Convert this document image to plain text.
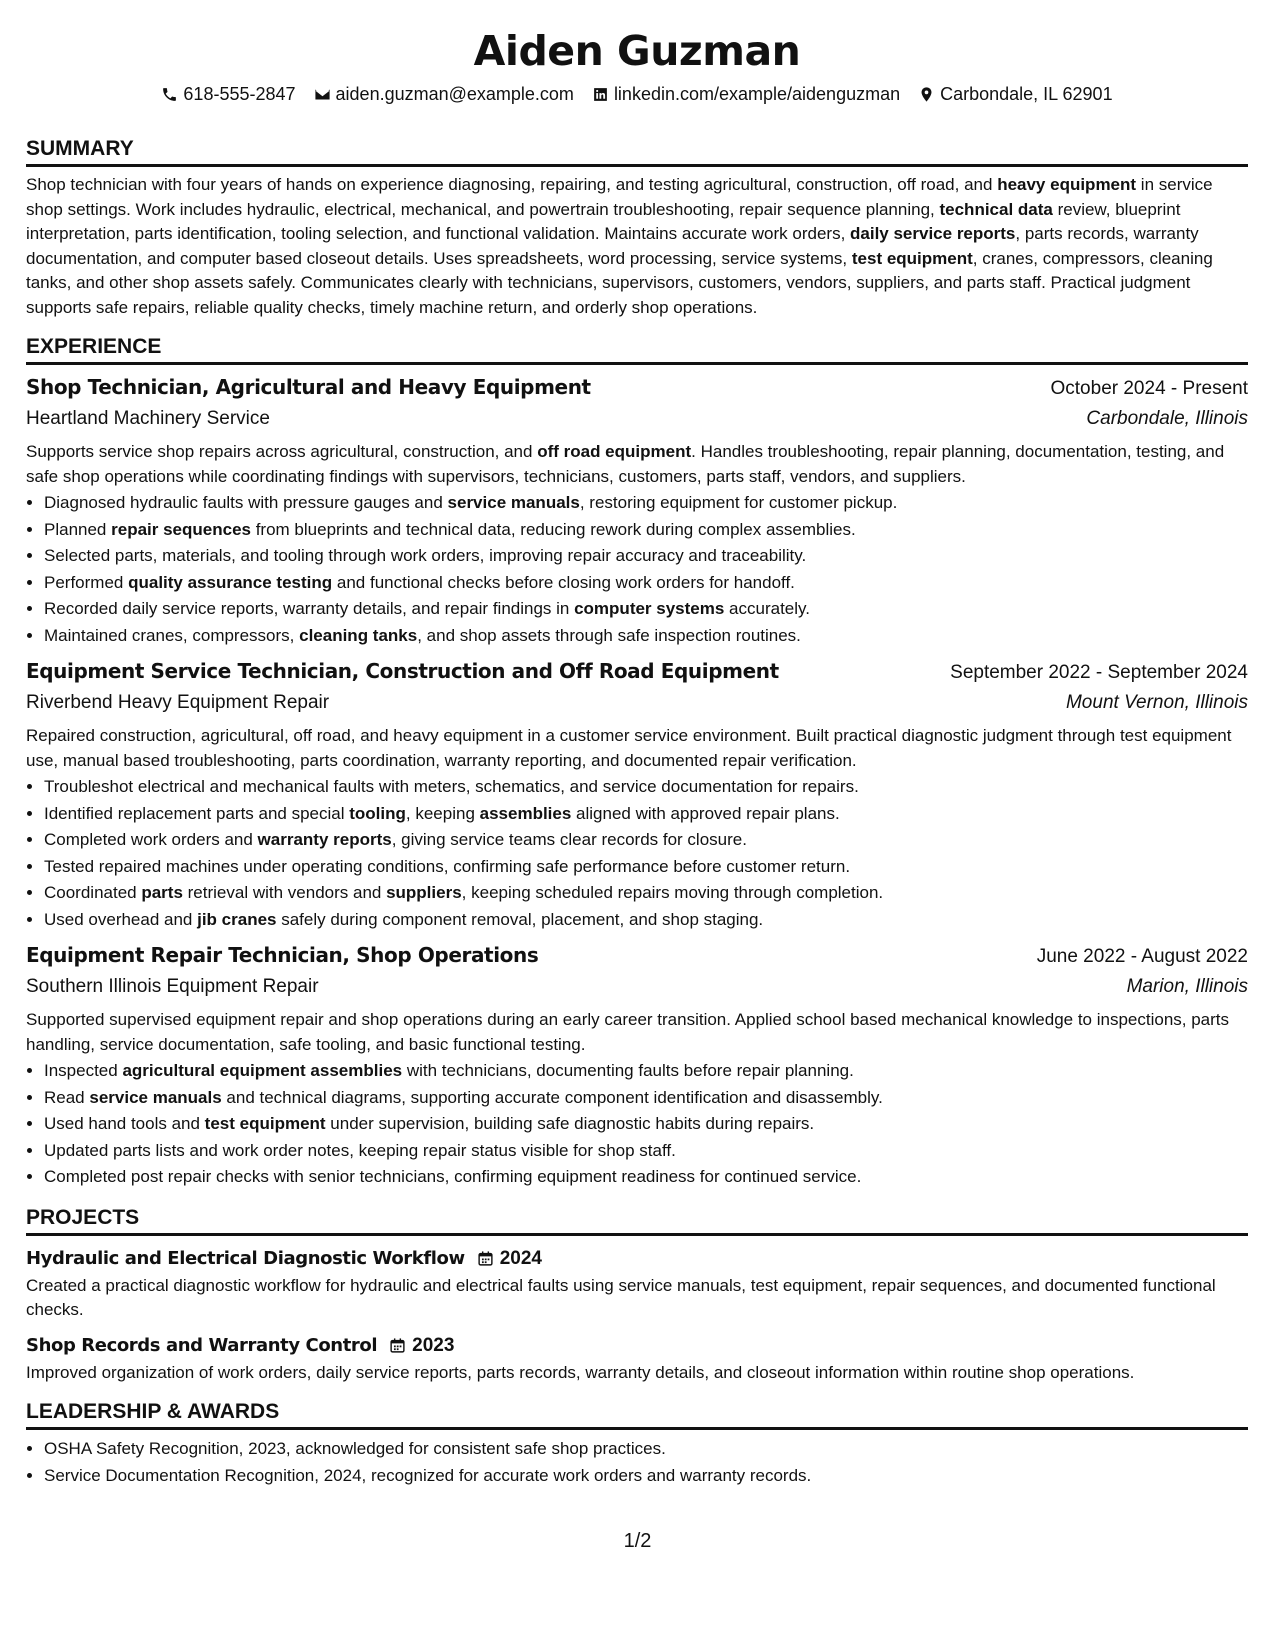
Aiden Guzman
618-555-2847 aiden.guzman@example.com linkedin.com/example/aidenguzman Carbondale, IL 62901
SUMMARY

Shop technician with four years of hands on experience diagnosing, repairing, and testing agricultural, construction, off road, and heavy equipment in service shop settings. Work includes hydraulic, electrical, mechanical, and powertrain troubleshooting, repair sequence planning, technical data review, blueprint interpretation, parts identification, tooling selection, and functional validation. Maintains accurate work orders, daily service reports, parts records, warranty documentation, and computer based closeout details. Uses spreadsheets, word processing, service systems, test equipment, cranes, compressors, cleaning tanks, and other shop assets safely. Communicates clearly with technicians, supervisors, customers, vendors, suppliers, and parts staff. Practical judgment supports safe repairs, reliable quality checks, timely machine return, and orderly shop operations.

EXPERIENCE
Shop Technician, Agricultural and Heavy Equipment	October 2024 - Present
Heartland Machinery Service	Carbondale, Illinois

Supports service shop repairs across agricultural, construction, and off road equipment. Handles troubleshooting, repair planning, documentation, testing, and safe shop operations while coordinating findings with supervisors, technicians, customers, parts staff, vendors, and suppliers.

• Diagnosed hydraulic faults with pressure gauges and service manuals, restoring equipment for customer pickup.
• Planned repair sequences from blueprints and technical data, reducing rework during complex assemblies.
• Selected parts, materials, and tooling through work orders, improving repair accuracy and traceability.
• Performed quality assurance testing and functional checks before closing work orders for handoff.
• Recorded daily service reports, warranty details, and repair findings in computer systems accurately.
• Maintained cranes, compressors, cleaning tanks, and shop assets through safe inspection routines.
Equipment Service Technician, Construction and Off Road Equipment	September 2022 - September 2024
Riverbend Heavy Equipment Repair	Mount Vernon, Illinois

Repaired construction, agricultural, off road, and heavy equipment in a customer service environment. Built practical diagnostic judgment through test equipment use, manual based troubleshooting, parts coordination, warranty reporting, and documented repair verification.

• Troubleshot electrical and mechanical faults with meters, schematics, and service documentation for repairs.
• Identified replacement parts and special tooling, keeping assemblies aligned with approved repair plans.
• Completed work orders and warranty reports, giving service teams clear records for closure.
• Tested repaired machines under operating conditions, confirming safe performance before customer return.
• Coordinated parts retrieval with vendors and suppliers, keeping scheduled repairs moving through completion.
• Used overhead and jib cranes safely during component removal, placement, and shop staging.
Equipment Repair Technician, Shop Operations	June 2022 - August 2022
Southern Illinois Equipment Repair	Marion, Illinois

Supported supervised equipment repair and shop operations during an early career transition. Applied school based mechanical knowledge to inspections, parts handling, service documentation, safe tooling, and basic functional testing.

• Inspected agricultural equipment assemblies with technicians, documenting faults before repair planning.
• Read service manuals and technical diagrams, supporting accurate component identification and disassembly.
• Used hand tools and test equipment under supervision, building safe diagnostic habits during repairs.
• Updated parts lists and work order notes, keeping repair status visible for shop staff.
• Completed post repair checks with senior technicians, confirming equipment readiness for continued service.
PROJECTS
Hydraulic and Electrical Diagnostic Workflow 2024

Created a practical diagnostic workflow for hydraulic and electrical faults using service manuals, test equipment, repair sequences, and documented functional checks.

Shop Records and Warranty Control 2023

Improved organization of work orders, daily service reports, parts records, warranty details, and closeout information within routine shop operations.

LEADERSHIP & AWARDS
• OSHA Safety Recognition, 2023, acknowledged for consistent safe shop practices.
• Service Documentation Recognition, 2024, recognized for accurate work orders and warranty records.
1/2
